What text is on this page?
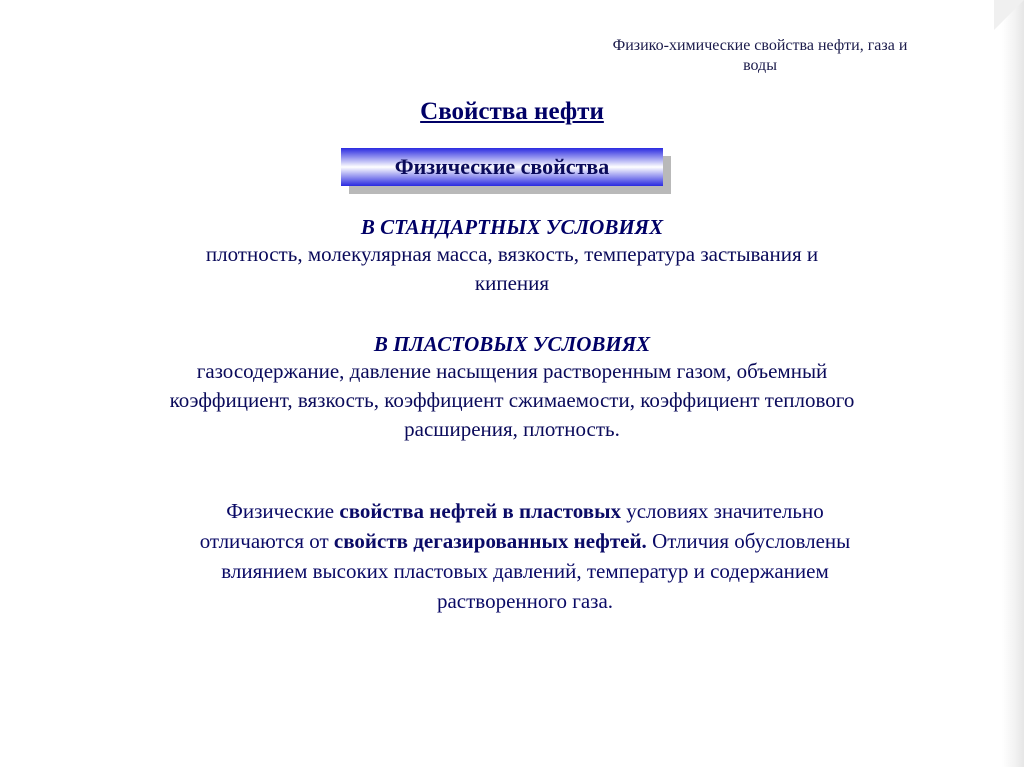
Физико-химические свойства нефти, газа и
воды
Свойства нефти
Физические свойства
В СТАНДАРТНЫХ УСЛОВИЯХ
плотность, молекулярная масса, вязкость, температура застывания и
кипения
В ПЛАСТОВЫХ УСЛОВИЯХ
газосодержание, давление насыщения растворенным газом, объемный
коэффициент, вязкость, коэффициент сжимаемости, коэффициент теплового
расширения, плотность.
Физические свойства нефтей в пластовых условиях значительно
отличаются от свойств дегазированных нефтей. Отличия обусловлены
влиянием высоких пластовых давлений, температур и содержанием
растворенного газа.
